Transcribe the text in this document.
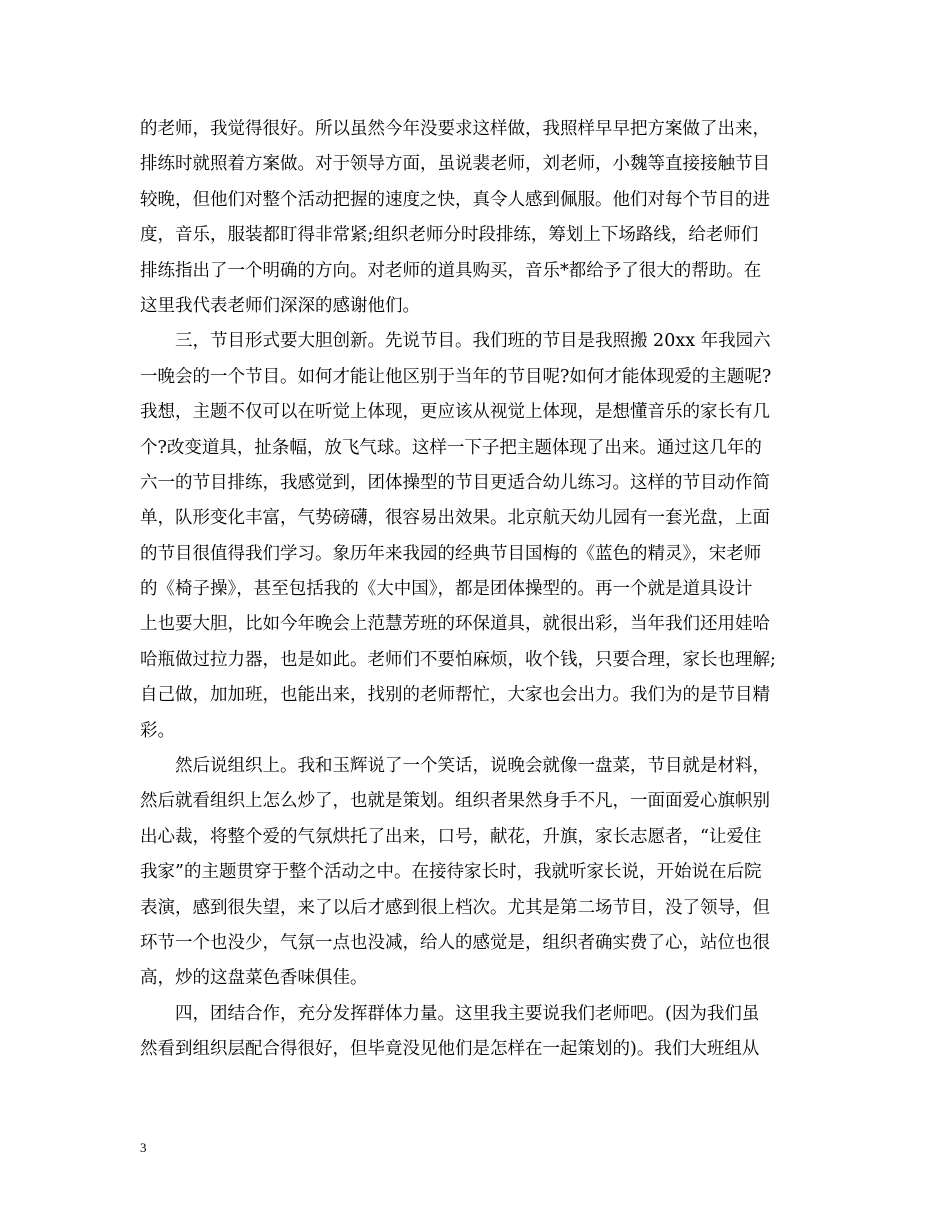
的老师，我觉得很好。所以虽然今年没要求这样做，我照样早早把方案做了出来，
排练时就照着方案做。对于领导方面，虽说裴老师，刘老师，小魏等直接接触节目
较晚，但他们对整个活动把握的速度之快，真令人感到佩服。他们对每个节目的进
度，音乐，服装都盯得非常紧;组织老师分时段排练，筹划上下场路线，给老师们
排练指出了一个明确的方向。对老师的道具购买，音乐*都给予了很大的帮助。在
这里我代表老师们深深的感谢他们。
　　三，节目形式要大胆创新。先说节目。我们班的节目是我照搬 20xx 年我园六
一晚会的一个节目。如何才能让他区别于当年的节目呢?如何才能体现爱的主题呢?
我想，主题不仅可以在听觉上体现，更应该从视觉上体现，是想懂音乐的家长有几
个?改变道具，扯条幅，放飞气球。这样一下子把主题体现了出来。通过这几年的
六一的节目排练，我感觉到，团体操型的节目更适合幼儿练习。这样的节目动作简
单，队形变化丰富，气势磅礴，很容易出效果。北京航天幼儿园有一套光盘，上面
的节目很值得我们学习。象历年来我园的经典节目国梅的《蓝色的精灵》，宋老师
的《椅子操》，甚至包括我的《大中国》，都是团体操型的。再一个就是道具设计
上也要大胆，比如今年晚会上范慧芳班的环保道具，就很出彩，当年我们还用娃哈
哈瓶做过拉力器，也是如此。老师们不要怕麻烦，收个钱，只要合理，家长也理解;
自己做，加加班，也能出来，找别的老师帮忙，大家也会出力。我们为的是节目精
彩。
　　然后说组织上。我和玉辉说了一个笑话，说晚会就像一盘菜，节目就是材料，
然后就看组织上怎么炒了，也就是策划。组织者果然身手不凡，一面面爱心旗帜别
出心裁，将整个爱的气氛烘托了出来，口号，献花，升旗，家长志愿者，“让爱住
我家”的主题贯穿于整个活动之中。在接待家长时，我就听家长说，开始说在后院
表演，感到很失望，来了以后才感到很上档次。尤其是第二场节目，没了领导，但
环节一个也没少，气氛一点也没减，给人的感觉是，组织者确实费了心，站位也很
高，炒的这盘菜色香味俱佳。
　　四，团结合作，充分发挥群体力量。这里我主要说我们老师吧。(因为我们虽
然看到组织层配合得很好，但毕竟没见他们是怎样在一起策划的)。我们大班组从
3
